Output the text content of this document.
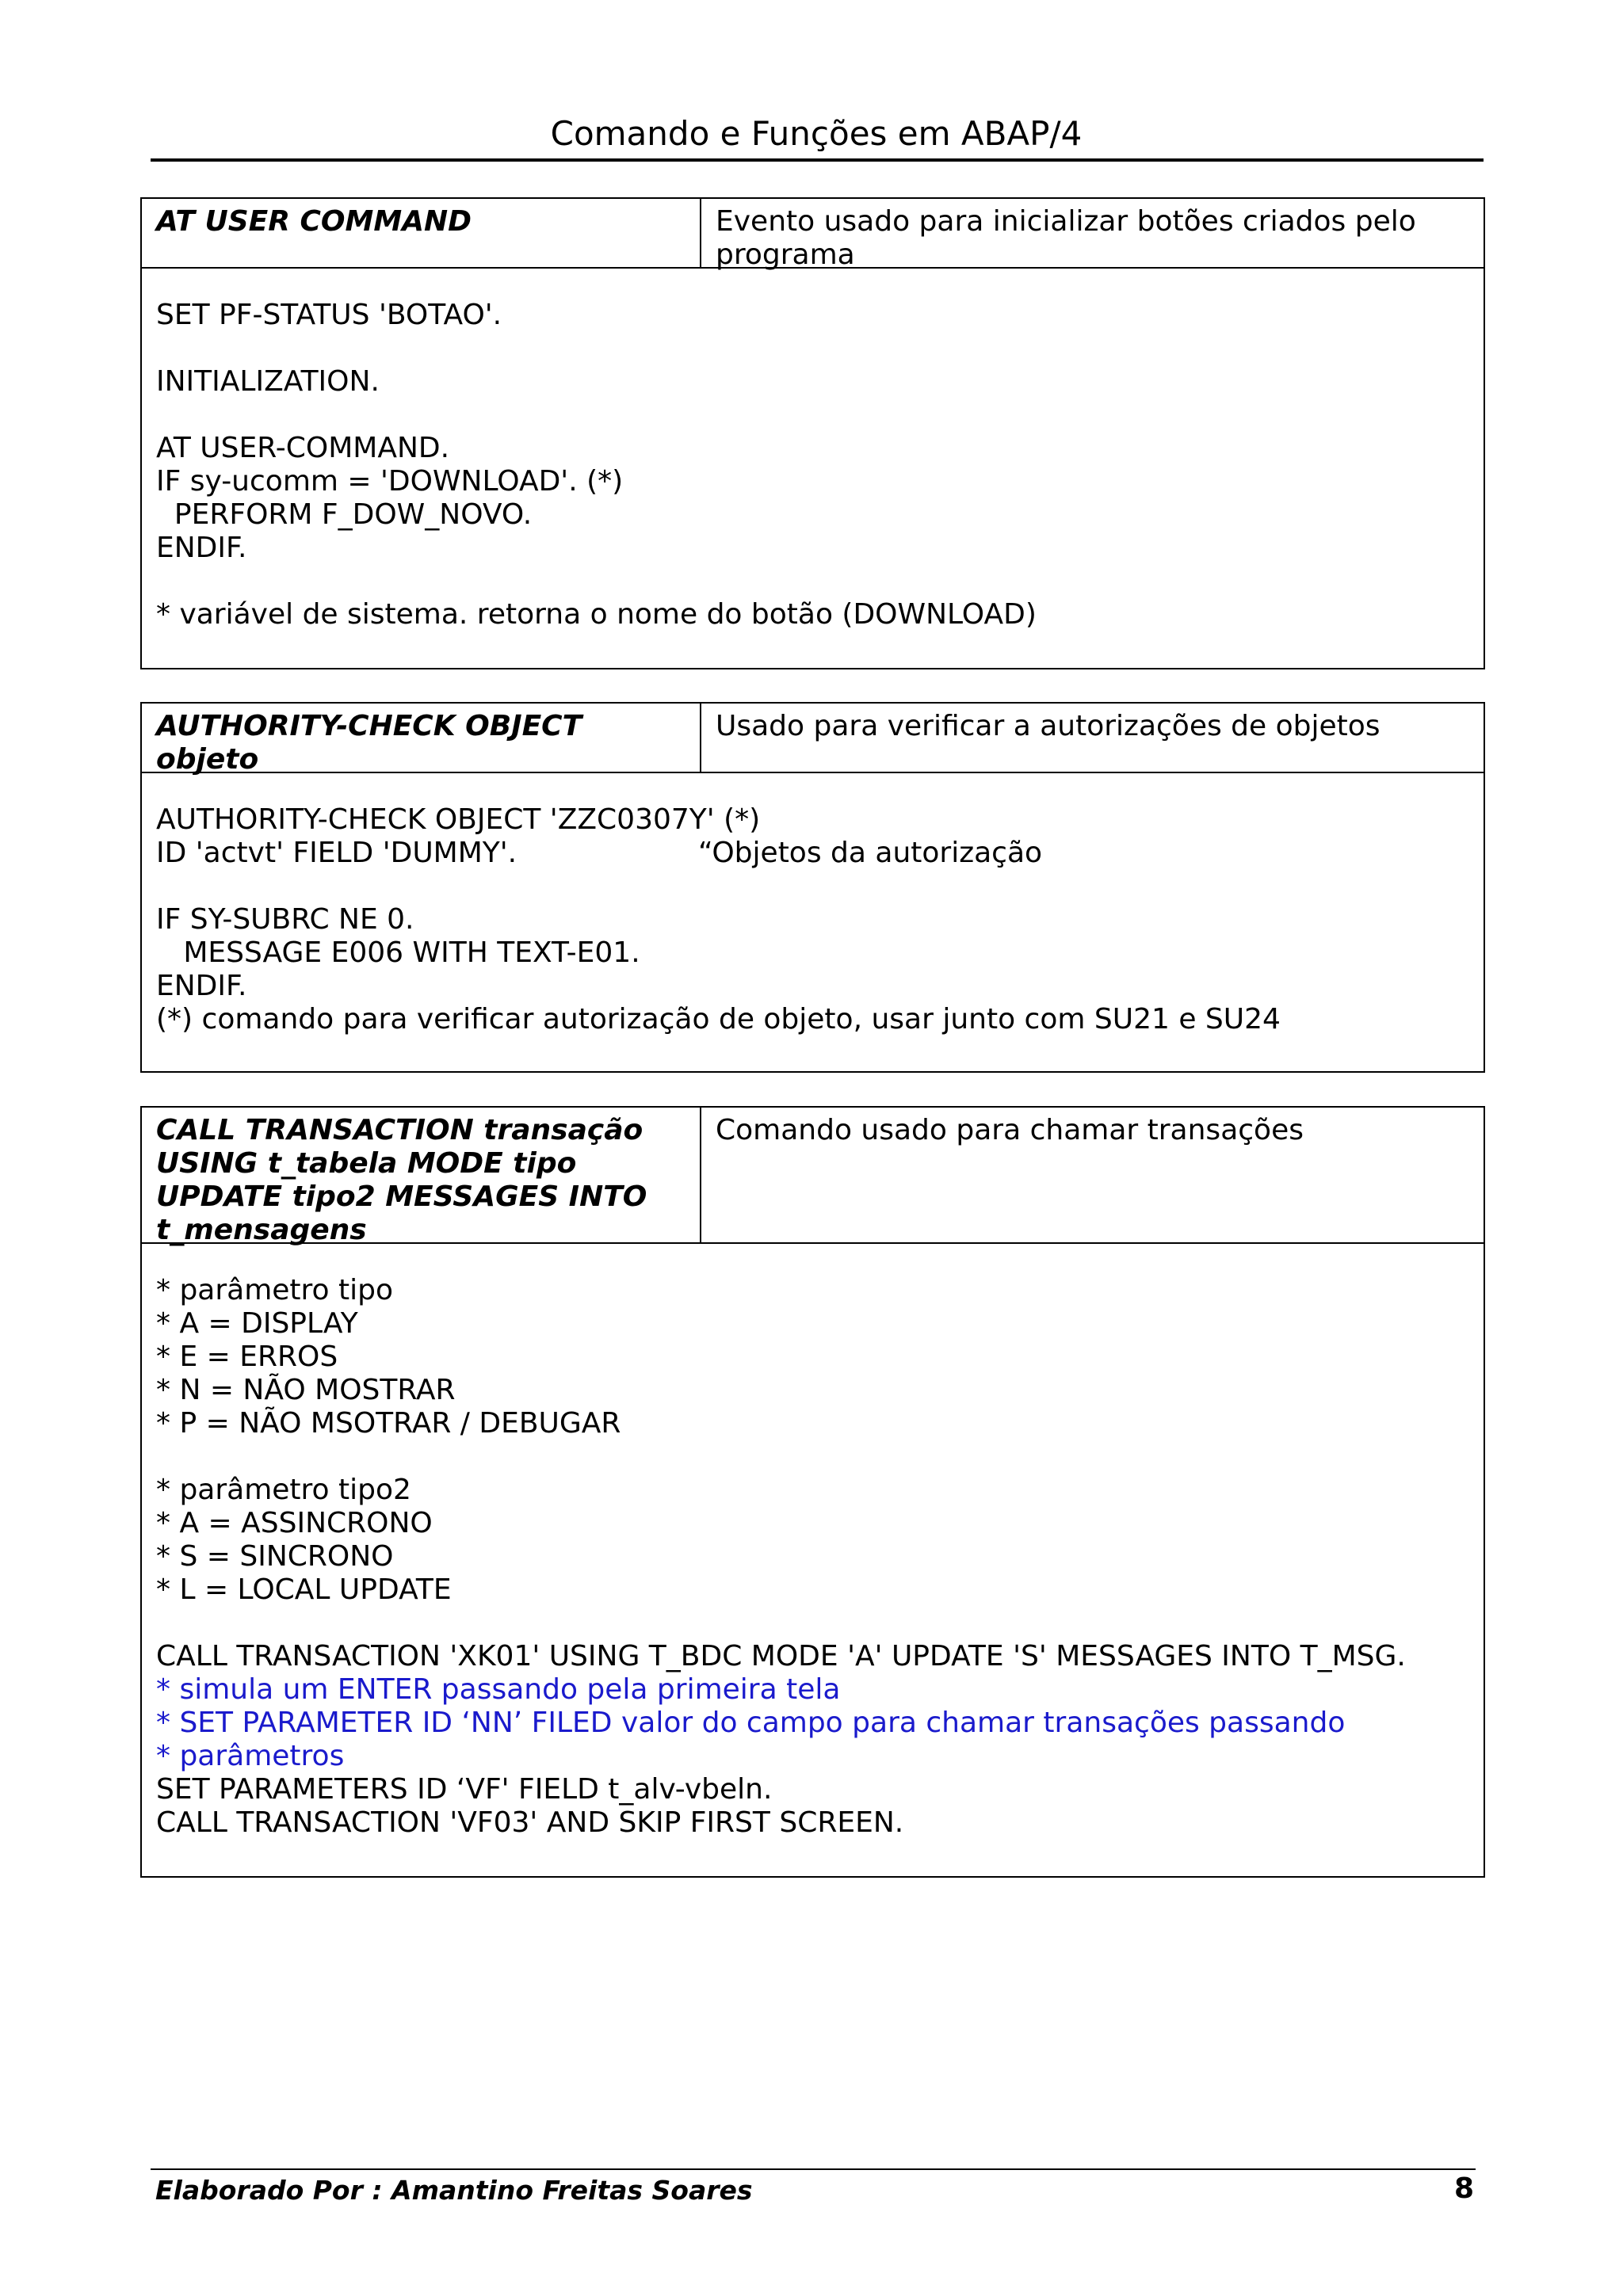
Comando e Funções em ABAP/4
AT USER COMMAND	Evento usado para inicializar botões criados pelo
programa
SET PF-STATUS 'BOTAO'.
INITIALIZATION.
AT USER-COMMAND.
IF sy-ucomm = 'DOWNLOAD'. (*)
PERFORM F_DOW_NOVO.
ENDIF.
* variável de sistema. retorna o nome do botão (DOWNLOAD)
AUTHORITY-CHECK OBJECT
objeto
Usado para verificar a autorizações de objetos
AUTHORITY-CHECK OBJECT 'ZZC0307Y' (*)
ID 'actvt' FIELD 'DUMMY'.                    “Objetos da autorização
IF SY-SUBRC NE 0.
MESSAGE E006 WITH TEXT-E01.
ENDIF.
(*) comando para verificar autorização de objeto, usar junto com SU21 e SU24
CALL TRANSACTION transação
USING t_tabela MODE tipo
UPDATE tipo2 MESSAGES INTO
t_mensagens
Comando usado para chamar transações
* parâmetro tipo
* A = DISPLAY
* E = ERROS
* N = NÃO MOSTRAR
* P = NÃO MSOTRAR / DEBUGAR
* parâmetro tipo2
* A = ASSINCRONO
* S = SINCRONO
* L = LOCAL UPDATE
CALL TRANSACTION 'XK01' USING T_BDC MODE 'A' UPDATE 'S' MESSAGES INTO T_MSG.
* simula um ENTER passando pela primeira tela
* SET PARAMETER ID ‘NN’ FILED valor do campo para chamar transações passando
* parâmetros
SET PARAMETERS ID ‘VF' FIELD t_alv-vbeln.
CALL TRANSACTION 'VF03' AND SKIP FIRST SCREEN.
Elaborado Por : Amantino Freitas Soares	8
